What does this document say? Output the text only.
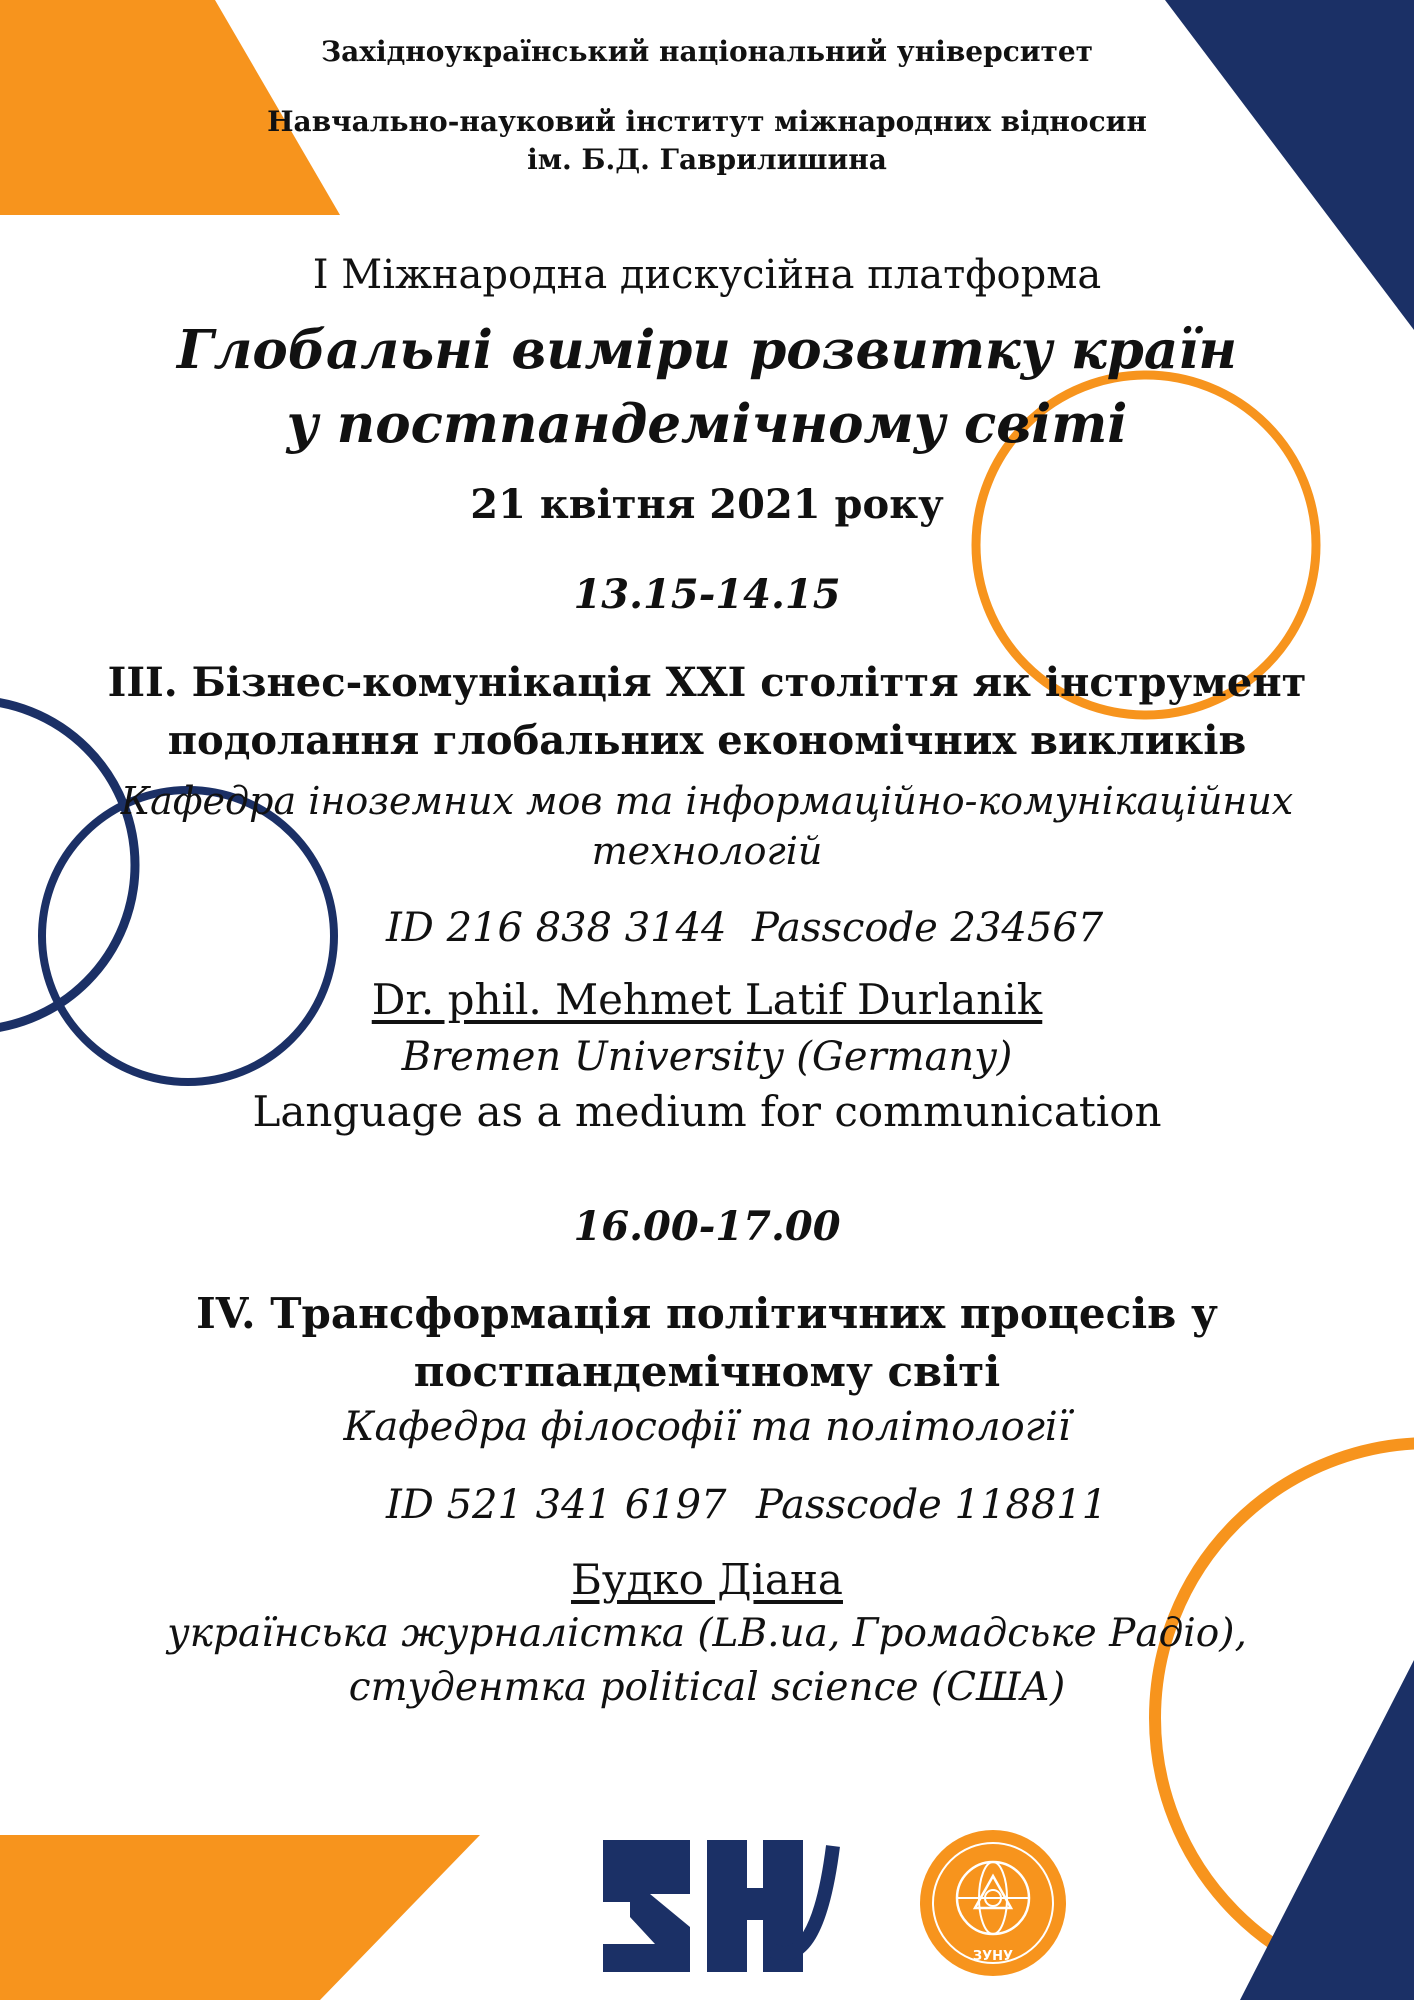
Західноукраїнський національний університет
Навчально-науковий інститут міжнародних відносин
ім. Б.Д. Гаврилишина
I Міжнародна дискусійна платформа
Глобальні виміри розвитку країн
у постпандемічному світі
21 квітня 2021 року
13.15-14.15
III. Бізнес-комунікація XXI століття як інструмент
подолання глобальних економічних викликів
Кафедра іноземних мов та інформаційно-комунікаційних
технологій
ID 216 838 3144 Passcode 234567
Dr. phil. Mehmet Latif Durlanik
Bremen University (Germany)
Language as a medium for communication
16.00-17.00
IV. Трансформація політичних процесів у
постпандемічному світі
Кафедра філософії та політології
ID 521 341 6197 Passcode 118811
Будко Діана
українська журналістка (LB.ua, Громадське Радіо),
студентка political science (США)
ЗУНУ
